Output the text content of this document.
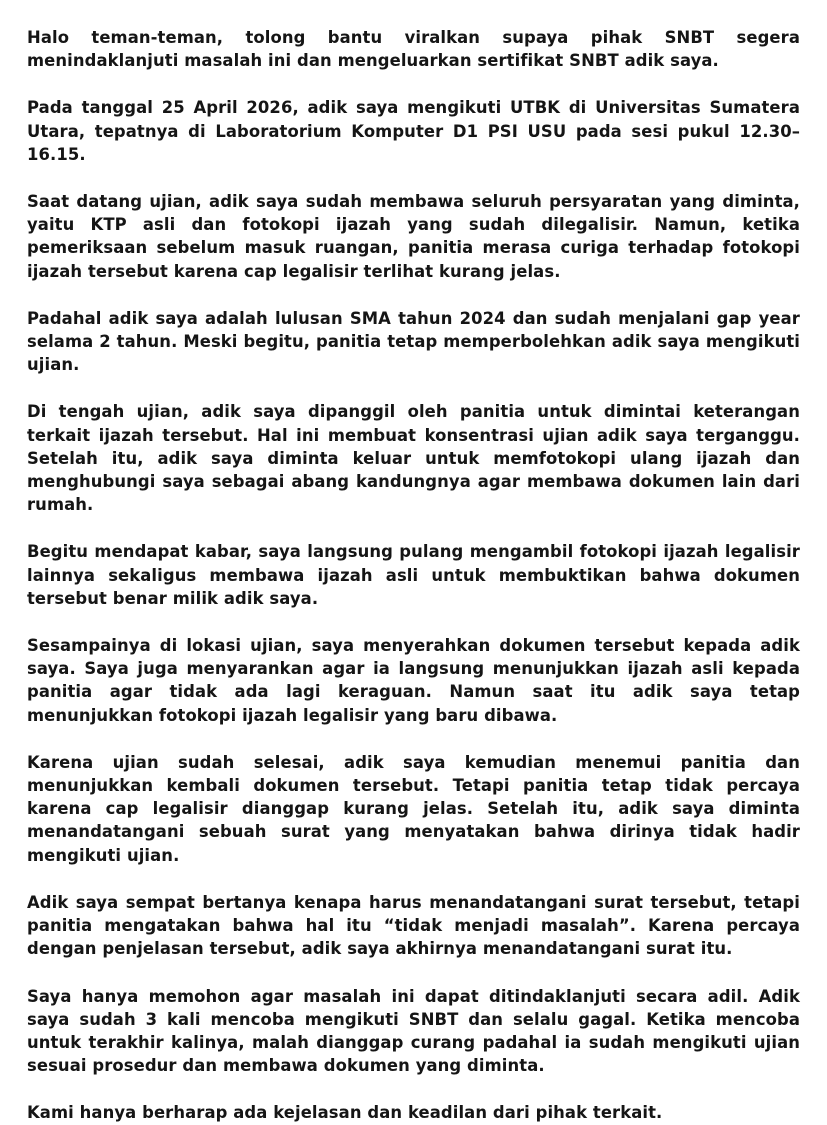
Halo teman-teman, tolong bantu viralkan supaya pihak SNBT segera menindaklanjuti masalah ini dan mengeluarkan sertifikat SNBT adik saya.

Pada tanggal 25 April 2026, adik saya mengikuti UTBK di Universitas Sumatera Utara, tepatnya di Laboratorium Komputer D1 PSI USU pada sesi pukul 12.30–16.15.

Saat datang ujian, adik saya sudah membawa seluruh persyaratan yang diminta, yaitu KTP asli dan fotokopi ijazah yang sudah dilegalisir. Namun, ketika pemeriksaan sebelum masuk ruangan, panitia merasa curiga terhadap fotokopi ijazah tersebut karena cap legalisir terlihat kurang jelas.

Padahal adik saya adalah lulusan SMA tahun 2024 dan sudah menjalani gap year selama 2 tahun. Meski begitu, panitia tetap memperbolehkan adik saya mengikuti ujian.

Di tengah ujian, adik saya dipanggil oleh panitia untuk dimintai keterangan terkait ijazah tersebut. Hal ini membuat konsentrasi ujian adik saya terganggu. Setelah itu, adik saya diminta keluar untuk memfotokopi ulang ijazah dan menghubungi saya sebagai abang kandungnya agar membawa dokumen lain dari rumah.

Begitu mendapat kabar, saya langsung pulang mengambil fotokopi ijazah legalisir lainnya sekaligus membawa ijazah asli untuk membuktikan bahwa dokumen tersebut benar milik adik saya.

Sesampainya di lokasi ujian, saya menyerahkan dokumen tersebut kepada adik saya. Saya juga menyarankan agar ia langsung menunjukkan ijazah asli kepada panitia agar tidak ada lagi keraguan. Namun saat itu adik saya tetap menunjukkan fotokopi ijazah legalisir yang baru dibawa.

Karena ujian sudah selesai, adik saya kemudian menemui panitia dan menunjukkan kembali dokumen tersebut. Tetapi panitia tetap tidak percaya karena cap legalisir dianggap kurang jelas. Setelah itu, adik saya diminta menandatangani sebuah surat yang menyatakan bahwa dirinya tidak hadir mengikuti ujian.

Adik saya sempat bertanya kenapa harus menandatangani surat tersebut, tetapi panitia mengatakan bahwa hal itu “tidak menjadi masalah”. Karena percaya dengan penjelasan tersebut, adik saya akhirnya menandatangani surat itu.

Saya hanya memohon agar masalah ini dapat ditindaklanjuti secara adil. Adik saya sudah 3 kali mencoba mengikuti SNBT dan selalu gagal. Ketika mencoba untuk terakhir kalinya, malah dianggap curang padahal ia sudah mengikuti ujian sesuai prosedur dan membawa dokumen yang diminta.

Kami hanya berharap ada kejelasan dan keadilan dari pihak terkait.
